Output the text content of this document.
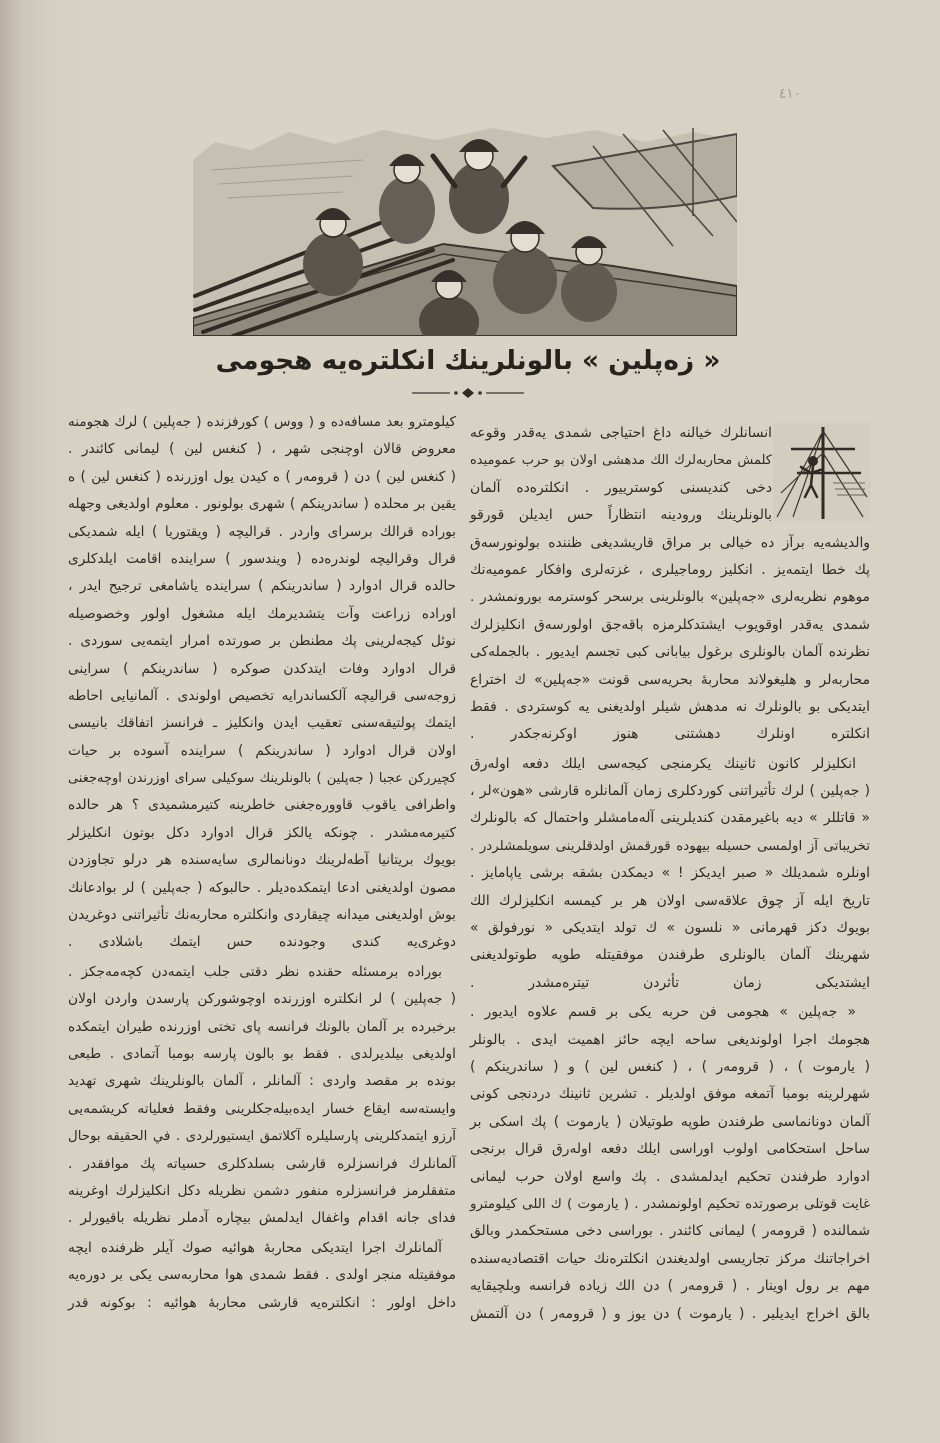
٤١٠
« زه‌پلين » بالونلرينك انكلتره‌يه هجومى
انسانلرك خيالنه داغ احتياجى شمدى يه‌قدر وقوعه
كلمش محاربه‌لرك الك مدهشى اولان بو حرب عموميده
دخى كنديسنى كوسترييور . انكلتره‌ده آلمان
بالونلرينك ورودينه انتظاراً حس ايديلن قورقو
والديشه‌يه برآز ده خيالى بر مراق قاريشديغى ظننده بولونورسه‌ق
پك خطا ايتمه‌يز . انكليز روماجيلرى ، غزته‌لرى وافكار عموميه‌نك
موهوم نظريه‌لرى «جه‌پلين» بالونلرينى برسحر كوسترمه بورونمشدر .
شمدى يه‌قدر اوقويوب ايشتدكلرمزه باقه‌جق اولورسه‌ق انكليزلرك
نظرنده آلمان بالونلرى برغول بيابانى كبى تجسم ايديور . بالجمله‌كى
محاربه‌لر و هليغولاند محاربهٔ بحريه‌سى قونت «جه‌پلين» ك اختراع
ايتديكى بو بالونلرك نه مدهش شيلر اولديغنى يه كوستردى . فقط
انكلتره اونلرك دهشتنى هنوز اوكرنه‌جكدر .
انكليزلر كانون ثانينك يكرمنجى كيجه‌سى ايلك دفعه اوله‌رق
( جه‌پلين ) لرك تأثيراتنى كوردكلرى زمان آلمانلره قارشى «هون»لر ،
« قاتللر » ديه باغيرمقدن كنديلرينى آله‌مامشلر واحتمال كه بالونلرك
تخريباتى آز اولمسى حسيله بيهوده قورقمش اولدقلرينى سويلمشلردر .
اونلره شمديلك « صبر ايديكز ! » ديمكدن بشقه برشى ياپامايز .
تاريخ ايله آز چوق علاقه‌سى اولان هر بر كيمسه انكليزلرك الك
بويوك دكز قهرمانى « نلسون » ك تولد ايتديكى « نورفولق »
شهرينك آلمان بالونلرى طرفندن موفقيتله طوپه طوتولديغنى
ايشتديكى زمان تأثردن تيتره‌مشدر .
« جه‌پلين » هجومى فن حربه يكى بر قسم علاوه ايديور .
هجومك اجرا اولونديغى ساحه ايچه حائز اهميت ايدى . بالونلر
( يارموت ) ، ( قرومه‌ر ) ، ( كنغس لين ) و ( ساندرينكم )
شهرلرينه بومبا آتمغه موفق اولديلر . تشرين ثانينك دردنجى كونى
آلمان دونانماسى طرفندن طوپه طوتيلان ( يارموت ) پك اسكى بر
ساحل استحكامى اولوب اوراسى ايلك دفعه اوله‌رق قرال برنجى
ادوارد طرفندن تحكيم ايدلمشدى . پك واسع اولان حرب ليمانى
غايت قوتلى برصورتده تحكيم اولونمشدر . ( يارموت ) ك اللى كيلومترو
شمالنده ( قرومه‌ر ) ليمانى كائندر . بوراسى دخى مستحكمدر وبالق
اخراجاتنك مركز تجاريسى اولديغندن انكلتره‌نك حيات اقتصاديه‌سنده
مهم بر رول اوينار . ( قرومه‌ر ) دن الك زياده فرانسه وبلچيقايه
بالق اخراج ايديلير . ( يارموت ) دن يوز و ( قرومه‌ر ) دن آلتمش
كيلومترو بعد مسافه‌ده و ( ووس ) كورفزنده ( جه‌پلين ) لرك هجومنه
معروض قالان اوچنجى شهر ، ( كنغس لين ) ليمانى كائندر .
( كنغس لين ) دن ( قرومه‌ر ) ه كيدن يول اوزرنده ( كنغس لين ) ه
يقين بر محلده ( ساندرينكم ) شهرى بولونور . معلوم اولديغى وجهله
بوراده قرالك برسراى واردر . قراليچه ( ويقتوريا ) ايله شمديكى
قرال وقراليچه لوندره‌ده ( ويندسور ) سراينده اقامت ايلدكلرى
حالده قرال ادوارد ( ساندرينكم ) سراينده ياشامغى ترجيح ايدر ،
اوراده زراعت وآت يتشديرمك ايله مشغول اولور وخصوصيله
نوئل كيجه‌لرينى پك مطنطن بر صورتده امرار ايتمه‌يى سوردى .
قرال ادوارد وفات ايتدكدن صوكره ( ساندرينكم ) سراينى
زوجه‌سى قراليچه آلكساندرايه تخصيص اولوندى . آلمانيايى احاطه
ايتمك پولتيقه‌سنى تعقيب ايدن وانكليز ـ فرانسز اتفاقك بانيسى
اولان قرال ادوارد ( ساندرينكم ) سراينده آسوده بر حيات
كچيرركن عجبا ( جه‌پلين ) بالونلرينك سوكيلى سراى اوزرندن اوچه‌جغنى
واطرافى ياقوب قاووره‌جغنى خاطرينه كتيرمشميدى ؟ هر حالده
كتيرمه‌مشدر . چونكه يالكز قرال ادوارد دكل بوتون انكليزلر
بويوك بريتانيا آطه‌لرينك دونانمالرى سايه‌سنده هر درلو تجاوزدن
مصون اولديغنى ادعا ايتمكده‌ديلر . حالبوكه ( جه‌پلين ) لر بوادعانك
بوش اولديغنى ميدانه چيقاردى وانكلتره محاربه‌نك تأثيراتنى دوغريدن
دوغرى‌يه كندى وجودنده حس ايتمك باشلادى .
بوراده برمسئله حقنده نظر دقتى جلب ايتمه‌دن كچه‌مه‌جكز .
( جه‌پلين ) لر انكلتره اوزرنده اوچوشوركن پارسدن واردن اولان
برخبرده بر آلمان بالونك فرانسه پاى تختى اوزرنده طيران ايتمكده
اولديغى بيلديرلدى . فقط بو بالون پارسه بومبا آتمادى . طبعى
بونده بر مقصد واردى : آلمانلر ، آلمان بالونلرينك شهرى تهديد
وايسته‌سه ايقاع خسار ايده‌بيله‌جكلرينى وفقط فعلياته كريشمه‌يى
آرزو ايتمدكلرينى پارسليلره آكلاتمق ايستيورلردى . في الحقيقه بوحال
آلمانلرك فرانسزلره قارشى بسلدكلرى حسياته پك موافقدر .
متفقلرمز فرانسزلره منفور دشمن نظريله دكل انكليزلرك اوغرينه
فداى جانه اقدام واغفال ايدلمش بيچاره آدملر نظريله باقيورلر .
آلمانلرك اجرا ايتديكى محاربهٔ هوائيه صوك آيلر ظرفنده ايچه
موفقيتله منجر اولدى . فقط شمدى هوا محاربه‌سى يكى بر دوره‌يه
داخل اولور : انكلتره‌يه قارشى محاربهٔ هوائيه : بوكونه قدر
